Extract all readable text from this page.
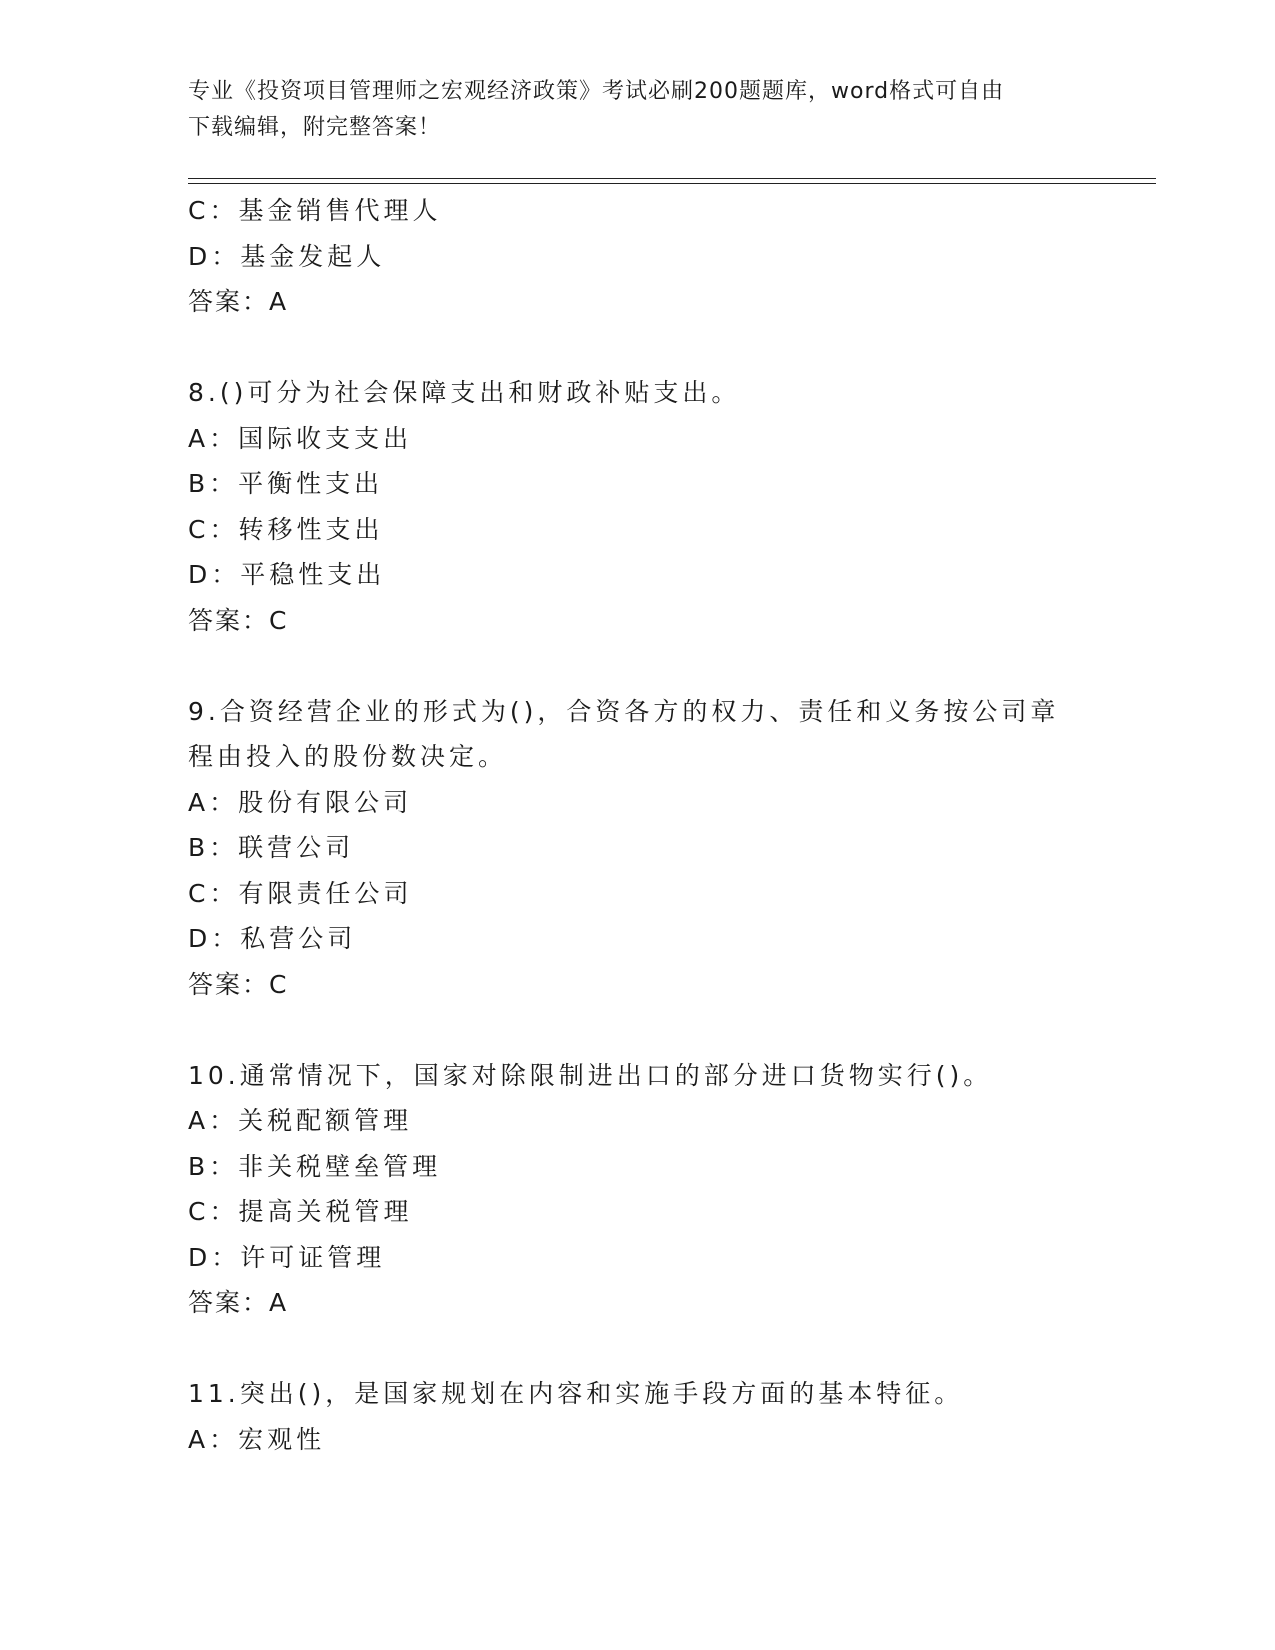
专业《投资项目管理师之宏观经济政策》考试必刷200题题库，word格式可自由
下载编辑，附完整答案！
C：基金销售代理人
D：基金发起人
答案：A
8.()可分为社会保障支出和财政补贴支出。
A：国际收支支出
B：平衡性支出
C：转移性支出
D：平稳性支出
答案：C
9.合资经营企业的形式为()，合资各方的权力、责任和义务按公司章
程由投入的股份数决定。
A：股份有限公司
B：联营公司
C：有限责任公司
D：私营公司
答案：C
10.通常情况下，国家对除限制进出口的部分进口货物实行()。
A：关税配额管理
B：非关税壁垒管理
C：提高关税管理
D：许可证管理
答案：A
11.突出()，是国家规划在内容和实施手段方面的基本特征。
A：宏观性
